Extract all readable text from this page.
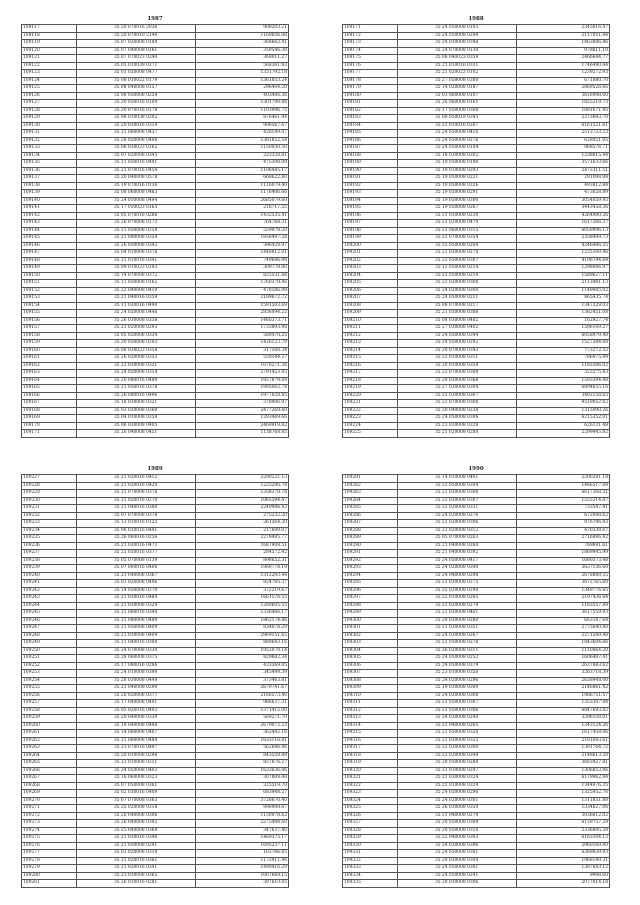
1987
109117	35 20 070016 2036	908203.21
109118	35 20 070010 2140	1169856.08
109119	35 07 020008 0189	368662.41
109120	35 07 040008 0161	359546.30
109121	35 07 070023 0240	368011.27
109122	35 05 010039 0371	568361.93
109123	35 01 050008 0477	1351792.18
109124	35 08 010022 0179	1361853.24
109125	35 08 040008 0157	296404.20
109126	35 08 050008 0259	403406.36
109127	35 20 050016 0109	1301799.88
109128	35 20 070016 0178	1103996.75
109129	35 08 010038 0202	876461.94
109130	35 20 030016 0319	908567.67
109131	35 21 060008 0437	428149.07
109132	35 28 050008 0408	1381852.54
109133	35 06 030023 0162	1150930.50
109134	35 07 020008 0345	223328.81
109135	35 21 050016 0491	475398.09
109136	35 21 070016 0454	1106445.17
109137	35 20 040008 0578	668622.80
109138	35 19 070016 0136	1116079.40
109139	35 08 060008 0463	1176406.66
109140	35 24 050008 0494	2685079.60
109141	35 17 050023 0165	216717.55
109142	35 05 070016 0286	1432535.41
109143	35 26 070008 0173	764768.31
109144	35 21 050008 0259	559978.20
109145	35 21 090008 0359	1856497.28
109146	35 26 050008 0342	396429.97
109147	35 04 010008 0378	1448812.01
109148	35 21 010016 0341	749696.98
109149	35 09 010023 0193	309778.80
109150	35 14 070008 0372	825531.88
109151	35 11 050008 0162	1760378.46
109152	35 22 040008 0419	478586.99
109153	35 21 040016 0359	2189672.72
109154	35 11 020016 0490	1591503.69
109155	35 24 050008 0446	2856094.22
109156	35 26 030008 0338	1460373.71
109157	35 21 020008 0293	1733893.98
109158	35 05 020008 0334	580470.25
109159	35 20 050008 0293	1426123.79
109160	35 08 030023 0358	317560.34
109161	35 26 020008 0353	559144.27
109162	35 22 030008 0321	1076271.26
109163	35 24 050008 0314	2791423.93
109164	35 20 080016 0489	1957879.69
109165	35 21 050016 0378	1995062.74
109166	35 26 080016 0496	1977828.85
109167	35 18 030008 0321	378906.97
109168	35 03 020008 0369	2477268.60
109169	35 04 010008 0359	1293469.66
109170	35 06 030008 0405	2469919.82
109171	35 20 040008 0451	1138768.85
1988
109171	35 24 050008 0103	2345616.47
109172	35 24 050008 0299	2117051.84
109173	35 24 030008 0340	1463886.46
109174	35 24 070008 0130	978611.10
109175	35 06 040023 0359	2466644.77
109176	35 21 010016 0331	1746490.84
109177	35 21 020023 0102	1239272.93
109178	35 27 050008 0380	671080.70
109179	35 14 020008 0187	2869528.66
109180	35 03 060008 0107	3618998.60
109181	35 26 060008 0161	1825219.73
109182	35 17 050008 0308	1891671.45
109183	35 08 050019 0345	2273693.70
109184	35 21 010016 0207	6161521.61
109185	35 24 050008 0410	2513723.23
109186	35 24 050008 0276	628051.05
109187	35 24 050008 0104	968576.71
109188	35 18 030008 0302	1238615.44
109189	35 19 050008 0190	3571633.66
109190	35 19 010008 0293	2473311.51
109191	35 19 050008 0231	291098.98
109192	35 10 050008 0326	493812.84
109193	35 19 050008 0291	473658.89
109194	35 19 050008 0300	3054059.45
109195	35 19 050008 0267	3443458.36
109196	35 21 010008 0230	4264980.26
109197	35 21 020008 0479	1617266.37
109198	35 21 060008 0315	6059996.13
109199	35 21 070008 0354	2358499.73
109200	35 25 050008 0204	4246486.55
109201	35 21 030008 0270	1235109.46
109202	35 23 050008 0307	4196794.84
109203	35 12 050008 0214	1298086.97
109204	35 21 050008 0219	1589627.11
109205	35 23 020008 0308	2113481.13
109206	35 24 020008 0300	1149945.02
109207	35 24 050008 0211	865435.74
109208	35 08 070008 0217	1347329.03
109209	35 21 050008 0388	1382451.08
109210	35 08 030008 0402	162927.74
109211	35 27 030008 0402	1596109.27
109212	35 24 050008 0344	6058979.40
109213	35 24 050008 0292	1527384.08
109214	35 20 070008 0343	773272.52
109215	35 23 010008 0311	786975.99
109216	35 20 010008 0359	1185586.02
109217	35 23 070008 0309	323275.43
109218	35 20 030008 0368	1593394.48
109219	35 27 030008 0304	6894655.16
109220	35 25 030008 0367	3492158.65
109221	35 23 070008 0308	9519052.62
109222	35 20 040008 0238	1315090.26
109223	35 24 050008 0306	6215352.01
109224	35 23 020008 0328	626131.48
109225	35 21 020008 0288	2299445.82
1989
109227	35 21 020016 0412	2290221.13
109228	35 21 020016 0420	1225286.78
109229	35 21 070008 0378	1358378.78
109230	35 21 050016 0270	1065594.47
109231	35 21 040016 0380	2249946.43
109232	35 07 070008 0378	275232.20
109233	35 13 010016 0125	261564.20
109234	35 06 010016 0441	217699.07
109235	35 26 060016 0256	2278495.77
109236	35 21 030016 0472	1687908.51
109237	35 21 050016 0377	284572.42
109238	35 05 070008 0139	898652.31
109239	35 07 060016 0408	1960778.19
109240	35 23 040008 0367	1312293.44
109241	35 03 020008 0406	824785.37
109242	35 14 050008 0270	372219.67
109243	35 21 030016 0484	1661576.55
109244	35 21 030008 0329	1280605.55
109245	35 21 060016 0344	1336466.17
109246	35 21 080008 0489	1862174.86
109247	35 21 050008 0409	834078.29
109248	35 21 030008 0409	2969151.65
109249	35 21 040016 0309	889643.16
109250	35 24 070008 0330	1952078.14
109251	35 28 060008 0375	829682.34
109252	35 17 080016 0286	433369.85
109253	35 24 010008 0399	345499.39
109254	35 28 030008 0449	373463.81
109255	35 21 040008 0290	2679741.67
109256	35 20 020008 0377	2166573.40
109257	35 17 040008 0401	986637.31
109258	35 05 020016 0402	1371415.00
109259	35 20 040008 0339	569271.70
109260	35 19 040008 0488	2679072.23
109261	35 14 060008 0407	362492.16
109262	35 21 060008 0484	1633116.81
109263	35 23 070016 0497	562646.96
109264	35 20 010008 0298	843559.89
109265	35 23 010008 0211	857876.27
109266	35 24 050008 0403	1633636.06
109267	35 16 060008 0323	307808.48
109268	35 07 050008 0361	325519.70
109269	35 02 030016 0409	683948.27
109270	35 07 070008 0363	3726670.40
109271	35 25 020008 0318	998908.87
109272	35 20 040008 0306	1130978.62
109273	35 26 040008 0392	2275498.60
109274	35 25 040008 0369	347637.40
109275	35 21 030016 0346	1469375.17
109276	35 21 050008 0291	1695237.11
109277	35 03 020008 0319	163766.65
109278	35 21 020016 0361	1172911.96
109279	35 21 020016 0341	1490416.29
109280	35 23 030008 0365	1007669.15
109281	35 26 010016 0281	397610.05
1990
109281	35 14 010008 0401	2200281.18
109282	35 23 050008 0304	1486517.09
109283	35 21 030008 0308	6617368.51
109284	35 23 020008 0307	1533214.87
109285	35 23 020008 0331	733547.41
109286	35 24 020008 0276	672098.62
109287	35 21 020008 0306	976796.93
109288	35 21 020008 0312	470338.67
109289	35 05 070008 0263	2716896.42
109290	35 21 040008 0260	789691.61
109291	35 21 040008 0392	1869845.99
109292	35 24 050008 0417	1680373.48
109293	35 24 020008 0390	3637136.60
109294	35 24 040008 0298	2678889.55
109295	35 21 030008 0275	3672765.60
109296	35 25 020008 0290	1349776.85
109297	35 22 010008 0295	2197436.84
109298	35 21 020008 0279	1183557.89
109299	35 21 030008 0401	3617559.93
109300	35 20 030008 0280	663187.64
109301	35 21 030008 0351	2775640.80
109302	35 24 030008 0267	2271549.48
109303	35 21 050008 0276	1843604.66
109304	35 26 020008 0311	1110864.20
109305	35 24 050008 0252	1606487.41
109306	35 24 050008 0379	2637843.62
109307	35 23 010008 0350	3263718.39
109308	35 24 020008 0296	2658948.00
109309	35 19 030008 0309	2146861.42
109310	35 24 020008 0308	1986751.57
109311	35 21 050008 0307	1353307.84
109312	35 21 050008 0306	6847693.82
109313	35 24 030008 0240	3296158.01
109314	35 21 040008 0265	1343124.26
109315	35 21 050008 0320	1617458.06
109316	35 21 020008 0332	2181643.61
109317	35 23 030008 0300	1391764.72
109318	35 22 020008 0349	2148613.20
109319	35 20 050008 0288	3683427.81
109320	35 21 010008 0297	1306853.86
109321	35 21 030008 0324	6179962.84
109322	35 22 010008 0324	1344976.35
109323	35 24 050008 0296	1325952.76
109324	35 24 020008 0301	1311851.88
109325	35 26 030008 0350	1334627.06
109326	35 21 040008 0279	3036612.02
109327	35 20 050008 0309	6139757.29
109328	35 20 050008 0310	2336895.28
109329	35 22 040008 0303	6163104.12
109330	35 24 030008 0396	2960160.90
109331	35 24 050008 0301	6389839.93
109332	35 20 030008 0304	1968149.31
109333	35 24 050008 0301	1387683.12
109334	35 24 050008 0241	9998.60
109335	35 20 030008 0306	2077614.18
